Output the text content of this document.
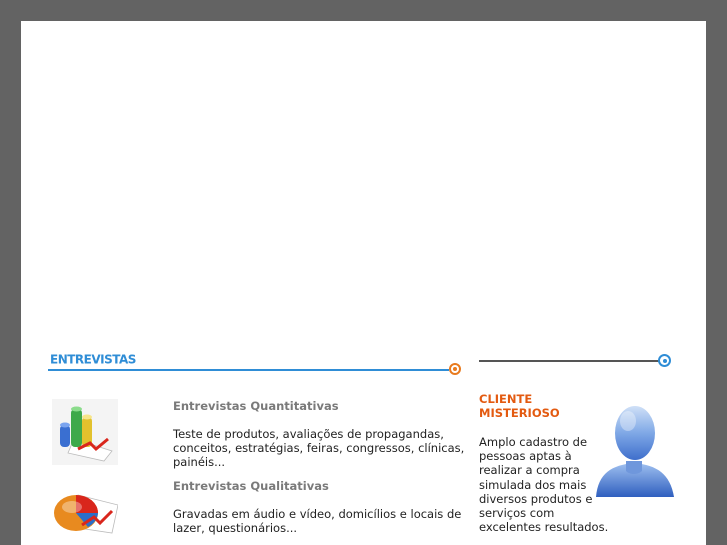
ENTREVISTAS
Entrevistas Quantitativas
Teste de produtos, avaliações de propagandas, conceitos, estratégias, feiras, congressos, clínicas, painéis...
Entrevistas Qualitativas
Gravadas em áudio e vídeo, domicílios e locais de lazer, questionários...
CLIENTE MISTERIOSO
Amplo cadastro de pessoas aptas à realizar a compra simulada dos mais diversos produtos e serviços com excelentes resultados.
